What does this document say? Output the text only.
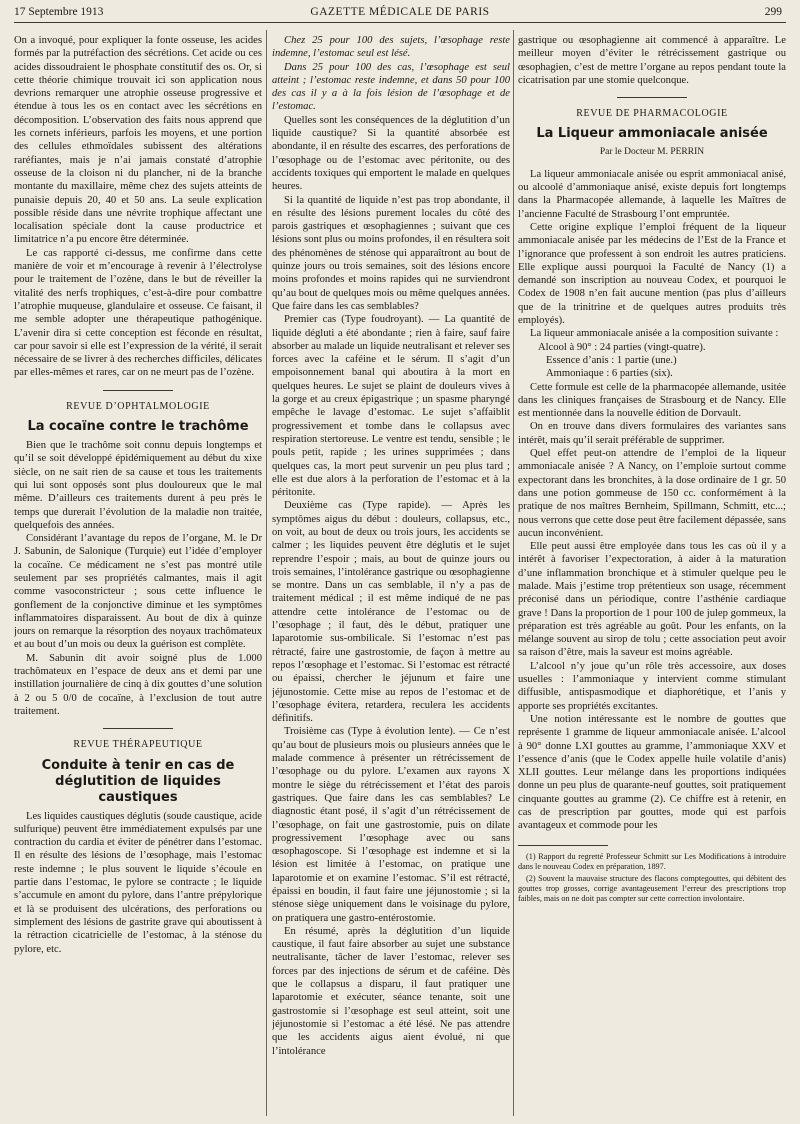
17 Septembre 1913	GAZETTE MÉDICALE DE PARIS	299

On a invoqué, pour expliquer la fonte osseuse, les acides formés par la putréfaction des sécrétions. Cet acide ou ces acides dissoudraient le phosphate constitutif des os. Or, si cette théorie chimique trouvait ici son application nous devrions remarquer une atrophie osseuse progressive et étendue à tous les os en contact avec les sécrétions en décomposition. L’observation des faits nous apprend que les cornets inférieurs, parfois les moyens, et une portion des cellules ethmoïdales subissent des altérations raréfiantes, mais je n’ai jamais constaté d’atrophie osseuse de la cloison ni du plancher, ni de la branche montante du maxillaire, même chez des sujets atteints de punaisie depuis 20, 40 et 50 ans. La seule explication possible réside dans une névrite trophique affectant une localisation spéciale dont la cause productrice et limitatrice n’a pu encore être déterminée.

Le cas rapporté ci-dessus, me confirme dans cette manière de voir et m’encourage à revenir à l’électrolyse pour le traitement de l’ozène, dans le but de réveiller la vitalité des nerfs trophiques, c’est-à-dire pour combattre l’atrophie muqueuse, glandulaire et osseuse. Ce faisant, il me semble adopter une thérapeutique pathogénique. L’avenir dira si cette conception est féconde en résultat, car pour savoir si elle est l’expression de la vérité, il serait nécessaire de se livrer à des recherches difficiles, délicates par elles-mêmes et rares, car on ne meurt pas de l’ozène.

REVUE D’OPHTALMOLOGIE
La cocaïne contre le trachôme

Bien que le trachôme soit connu depuis longtemps et qu’il se soit développé épidémiquement au début du xixe siècle, on ne sait rien de sa cause et tous les traitements qui lui sont opposés sont plus douloureux que le mal même. D’ailleurs ces traitements durent à peu près le temps que durerait l’évolution de la maladie non traitée, quelquefois des années.

Considérant l’avantage du repos de l’organe, M. le Dr J. Sabunin, de Salonique (Turquie) eut l’idée d’employer la cocaïne. Ce médicament ne s’est pas montré utile seulement par ses propriétés calmantes, mais il agit comme vasoconstricteur ; sous cette influence le gonflement de la conjonctive diminue et les symptômes inflammatoires disparaissent. Au bout de dix à quinze jours on remarque la résorption des noyaux trachômateux et au bout d’un mois ou deux la guérison est complète.

M. Sabunin dit avoir soigné plus de 1.000 trachômateux en l’espace de deux ans et demi par une instillation journalière de cinq à dix gouttes d’une solution à 2 ou 5 0/0 de cocaïne, à l’exclusion de tout autre traitement.

REVUE THÉRAPEUTIQUE
Conduite à tenir en cas de déglutition de liquides caustiques

Les liquides caustiques déglutis (soude caustique, acide sulfurique) peuvent être immédiatement expulsés par une contraction du cardia et éviter de pénétrer dans l’estomac. Il en résulte des lésions de l’œsophage, mais l’estomac reste indemne ; le plus souvent le liquide s’écoule en partie dans l’estomac, le pylore se contracte ; le liquide s’accumule en amont du pylore, dans l’antre prépylorique et là se produisent des ulcérations, des perforations ou simplement des lésions de gastrite grave qui aboutissent à la rétraction cicatricielle de l’estomac, à la sténose du pylore, etc.

Chez 25 pour 100 des sujets, l’œsophage reste indemne, l’estomac seul est lésé.

Dans 25 pour 100 des cas, l’œsophage est seul atteint ; l’estomac reste indemne, et dans 50 pour 100 des cas il y a à la fois lésion de l’œsophage et de l’estomac.

Quelles sont les conséquences de la déglutition d’un liquide caustique? Si la quantité absorbée est abondante, il en résulte des escarres, des perforations de l’œsophage ou de l’estomac avec péritonite, ou des accidents toxiques qui emportent le malade en quelques heures.

Si la quantité de liquide n’est pas trop abondante, il en résulte des lésions purement locales du côté des parois gastriques et œsophagiennes ; suivant que ces lésions sont plus ou moins profondes, il en résultera soit des phénomènes de sténose qui apparaîtront au bout de quinze jours ou trois semaines, soit des lésions encore moins profondes et moins rapides qui ne surviendront qu’au bout de quelques mois ou même quelques années. Que faire dans les cas semblables?

Premier cas (Type foudroyant). — La quantité de liquide dégluti a été abondante ; rien à faire, sauf faire absorber au malade un liquide neutralisant et relever ses forces avec la caféine et le sérum. Il s’agit d’un empoisonnement banal qui aboutira à la mort en quelques heures. Le sujet se plaint de douleurs vives à la gorge et au creux épigastrique ; un spasme pharyngé empêche le lavage d’estomac. Le sujet s’affaiblit progressivement et tombe dans le collapsus avec respiration stertoreuse. Le ventre est tendu, sensible ; le pouls petit, rapide ; les urines supprimées ; dans quelques cas, la mort peut survenir un peu plus tard ; elle est due alors à la perforation de l’estomac et à la péritonite.

Deuxième cas (Type rapide). — Après les symptômes aigus du début : douleurs, collapsus, etc., on voit, au bout de deux ou trois jours, les accidents se calmer ; les liquides peuvent être déglutis et le sujet reprendre l’espoir ; mais, au bout de quinze jours ou trois semaines, l’intolérance gastrique ou œsophagienne se montre. Dans un cas semblable, il n’y a pas de traitement médical ; il est même indiqué de ne pas attendre cette intolérance de l’estomac ou de l’œsophage ; il faut, dès le début, pratiquer une laparotomie sus-ombilicale. Si l’estomac n’est pas rétracté, faire une gastrostomie, de façon à mettre au repos l’œsophage et l’estomac. Si l’estomac est rétracté ou épaissi, chercher le jéjunum et faire une jéjunostomie. Cette mise au repos de l’estomac et de l’œsophage évitera, retardera, reculera les accidents définitifs.

Troisième cas (Type à évolution lente). — Ce n’est qu’au bout de plusieurs mois ou plusieurs années que le malade commence à présenter un rétrécissement de l’œsophage ou du pylore. L’examen aux rayons X montre le siège du rétrécissement et l’état des parois gastriques. Que faire dans les cas semblables? Le diagnostic étant posé, il s’agit d’un rétrécissement de l’œsophage, on fait une gastrostomie, puis on dilate progressivement l’œsophage avec ou sans œsophagoscope. Si l’œsophage est indemne et si la lésion est limitée à l’estomac, on pratique une laparotomie et on examine l’estomac. S’il est rétracté, épaissi en boudin, il faut faire une jéjunostomie ; si la sténose siège uniquement dans le voisinage du pylore, on pratiquera une gastro-entérostomie.

En résumé, après la déglutition d’un liquide caustique, il faut faire absorber au sujet une substance neutralisante, tâcher de laver l’estomac, relever ses forces par des injections de sérum et de caféine. Dès que le collapsus a disparu, il faut pratiquer une laparotomie et exécuter, séance tenante, soit une gastrostomie si l’œsophage est seul atteint, soit une jéjunostomie si l’estomac a été lésé. Ne pas attendre que les accidents aigus aient évolué, ni que l’intolérance

gastrique ou œsophagienne ait commencé à apparaître. Le meilleur moyen d’éviter le rétrécissement gastrique ou œsophagien, c’est de mettre l’organe au repos pendant toute la cicatrisation par une stomie quelconque.

REVUE DE PHARMACOLOGIE
La Liqueur ammoniacale anisée
Par le Docteur M. PERRIN

La liqueur ammoniacale anisée ou esprit ammoniacal anisé, ou alcoolé d’ammoniaque anisé, existe depuis fort longtemps dans la Pharmacopée allemande, à laquelle les Maîtres de l’ancienne Faculté de Strasbourg l’ont empruntée.

Cette origine explique l’emploi fréquent de la liqueur ammoniacale anisée par les médecins de l’Est de la France et l’ignorance que professent à son endroit les autres praticiens. Elle explique aussi pourquoi la Faculté de Nancy (1) a demandé son inscription au nouveau Codex, et pourquoi le Codex de 1908 n’en fait aucune mention (pas plus d’ailleurs que de la trinitrine et de quelques autres produits très employés).

La liqueur ammoniacale anisée a la composition suivante :

Alcool à 90° : 24 parties (vingt-quatre).

Essence d’anis : 1 partie (une.)

Ammoniaque : 6 parties (six).

Cette formule est celle de la pharmacopée allemande, usitée dans les cliniques françaises de Strasbourg et de Nancy. Elle est mentionnée dans la nouvelle édition de Dorvault.

On en trouve dans divers formulaires des variantes sans intérêt, mais qu’il serait préférable de supprimer.

Quel effet peut-on attendre de l’emploi de la liqueur ammoniacale anisée ? A Nancy, on l’emploie surtout comme expectorant dans les bronchites, à la dose ordinaire de 1 gr. 50 dans une potion gommeuse de 150 cc. conformément à la pratique de nos maîtres Bernheim, Spillmann, Schmitt, etc...; nous verrons que cette dose peut être facilement dépassée, sans aucun inconvénient.

Elle peut aussi être employée dans tous les cas où il y a intérêt à favoriser l’expectoration, à aider à la maturation d’une inflammation bronchique et à stimuler quelque peu le malade. Mais j’estime trop prétentieux son usage, récemment préconisé dans un périodique, contre l’asthénie cardiaque grave ! Dans la proportion de 1 pour 100 de julep gommeux, la préparation est très agréable au goût. Pour les enfants, on la mélange souvent au sirop de tolu ; cette association peut avoir sa raison d’être, mais la saveur est moins agréable.

L’alcool n’y joue qu’un rôle très accessoire, aux doses usuelles : l’ammoniaque y intervient comme stimulant diffusible, antispasmodique et diaphorétique, et l’anis y apporte ses propriétés excitantes.

Une notion intéressante est le nombre de gouttes que représente 1 gramme de liqueur ammoniacale anisée. L’alcool à 90° donne LXI gouttes au gramme, l’ammoniaque XXV et l’essence d’anis (que le Codex appelle huile volatile d’anis) XLII gouttes. Leur mélange dans les proportions indiquées donne un peu plus de quarante-neuf gouttes, soit pratiquement cinquante gouttes au gramme (2). Ce chiffre est à retenir, en cas de prescription par gouttes, mode qui est parfois avantageux et commode pour les

(1) Rapport du regretté Professeur Schmitt sur Les Modifications à introduire dans le nouveau Codex en préparation, 1897.

(2) Souvent la mauvaise structure des flacons comptegouttes, qui débitent des gouttes trop grosses, corrige avantageusement l’erreur des prescriptions trop faibles, mais on ne doit pas compter sur cette correction involontaire.
